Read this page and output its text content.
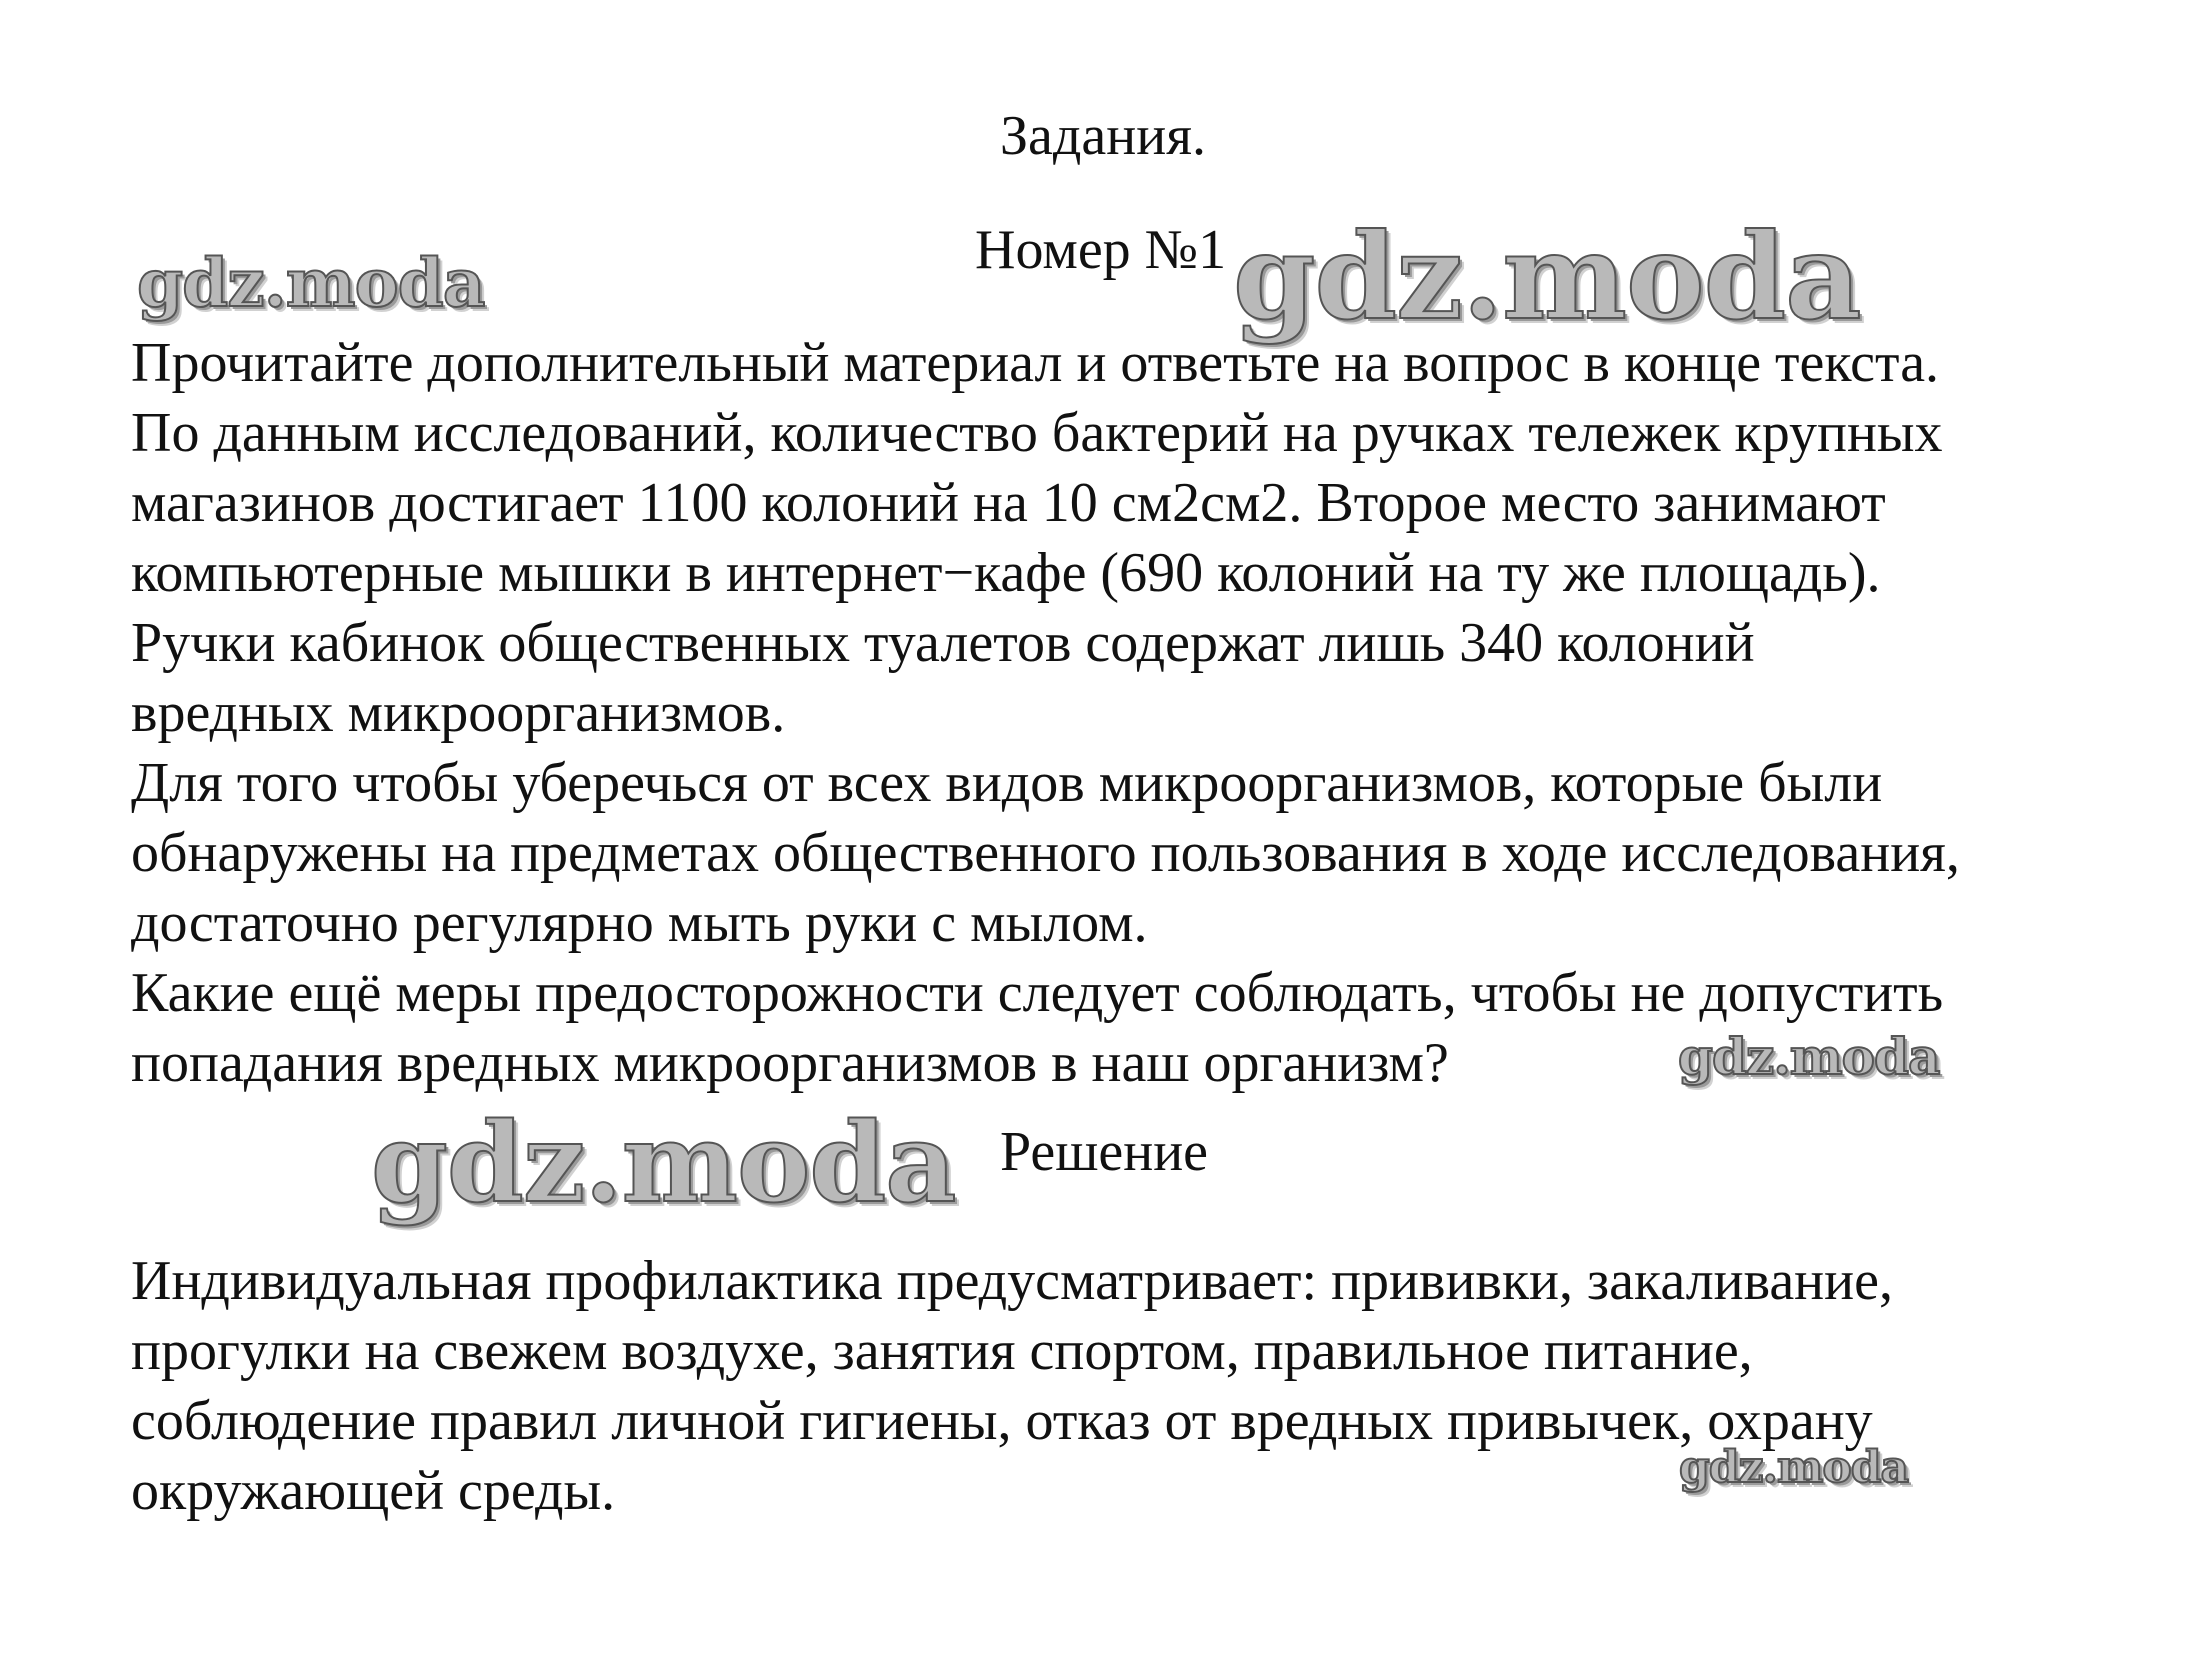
Задания.
Номер №1
Прочитайте дополнительный материал и ответьте на вопрос в конце текста.
По данным исследований, количество бактерий на ручках тележек крупных
магазинов достигает 1100 колоний на 10 см2см2. Второе место занимают
компьютерные мышки в интернет−кафе (690 колоний на ту же площадь).
Ручки кабинок общественных туалетов содержат лишь 340 колоний
вредных микроорганизмов.
Для того чтобы уберечься от всех видов микроорганизмов, которые были
обнаружены на предметах общественного пользования в ходе исследования,
достаточно регулярно мыть руки с мылом.
Какие ещё меры предосторожности следует соблюдать, чтобы не допустить
попадания вредных микроорганизмов в наш организм?
Решение
Индивидуальная профилактика предусматривает: прививки, закаливание,
прогулки на свежем воздухе, занятия спортом, правильное питание,
соблюдение правил личной гигиены, отказ от вредных привычек, охрану
окружающей среды.
gdz.moda	gdz.moda
gdz.moda
gdz.moda
gdz.moda
